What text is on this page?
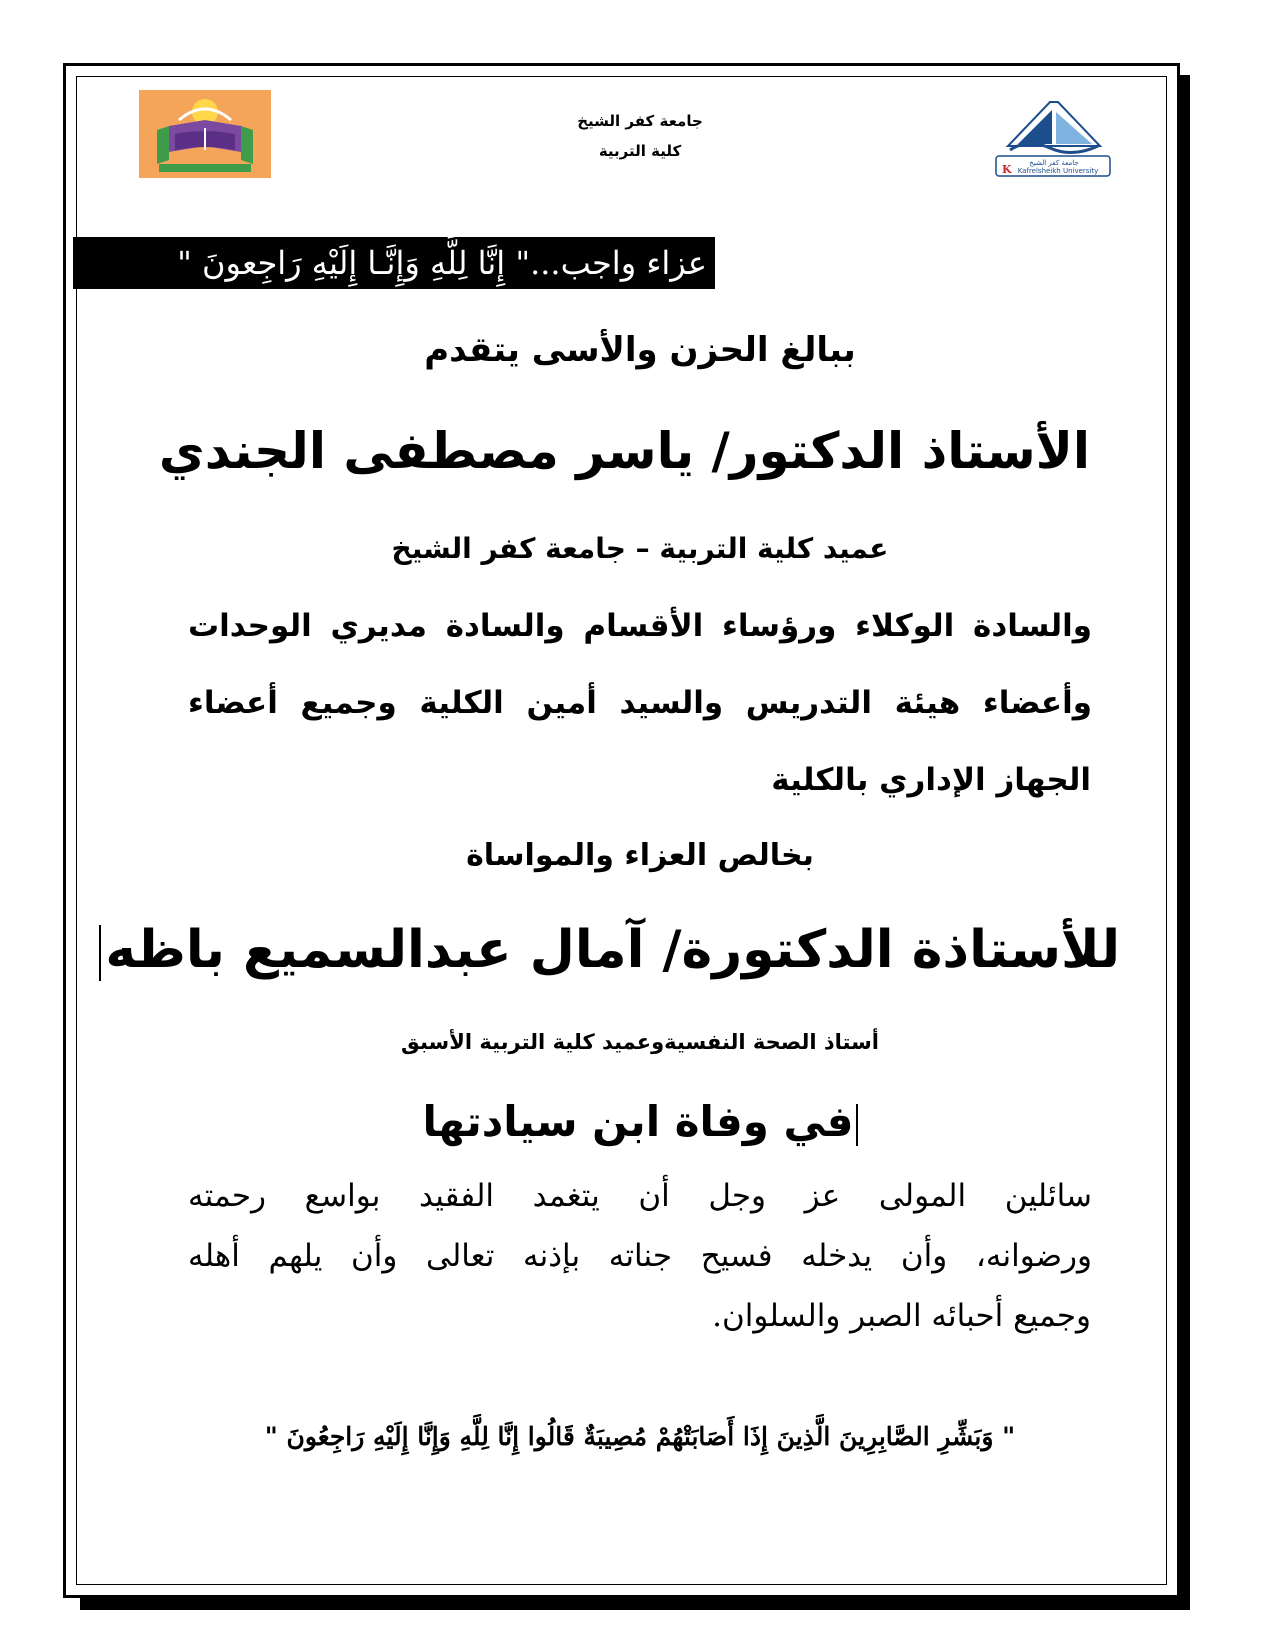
جامعة كفر الشيخ
K Kafrelsheikh University
جامعة كفر الشيخ
كلية التربية
عزاء واجب..." إِنَّا لِلَّهِ وَإِنَّـا إِلَيْهِ رَاجِعونَ "
ببالغ الحزن والأسى يتقدم
الأستاذ الدكتور/ ياسر مصطفى الجندي
عميد كلية التربية – جامعة كفر الشيخ
والسادة الوكلاء ورؤساء الأقسام والسادة مديري الوحدات
وأعضاء هيئة التدريس والسيد أمين الكلية وجميع أعضاء
الجهاز الإداري بالكلية
بخالص العزاء والمواساة
للأستاذة الدكتورة/ آمال عبدالسميع باظه
أستاذ الصحة النفسيةوعميد كلية التربية الأسبق
في وفاة ابن سيادتها
سائلين المولى عز وجل أن يتغمد الفقيد بواسع رحمته
ورضوانه، وأن يدخله فسيح جناته بإذنه تعالى وأن يلهم أهله
وجميع أحبائه الصبر والسلوان.
" وَبَشِّرِ الصَّابِرِينَ الَّذِينَ إِذَا أَصَابَتْهُمْ مُصِيبَةٌ قَالُوا إِنَّا لِلَّهِ وَإِنَّا إِلَيْهِ رَاجِعُونَ "
